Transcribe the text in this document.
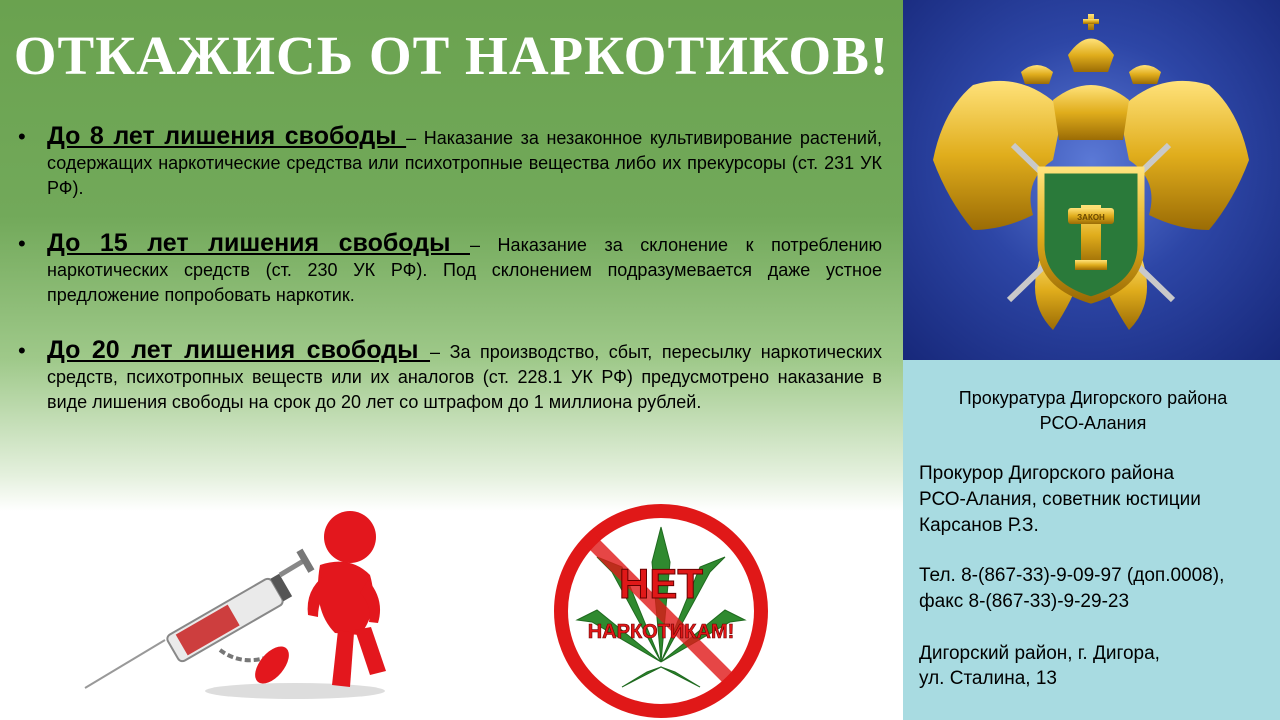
ОТКАЖИСЬ ОТ НАРКОТИКОВ!
• До 8 лет лишения свободы – Наказание за незаконное культивирование растений, содержащих наркотические средства или психотропные вещества либо их прекурсоры (ст. 231 УК РФ).
• До 15 лет лишения свободы – Наказание за склонение к потреблению наркотических средств (ст. 230 УК РФ). Под склонением подразумевается даже устное предложение попробовать наркотик.
• До 20 лет лишения свободы – За производство, сбыт, пересылку наркотических средств, психотропных веществ или их аналогов (ст. 228.1 УК РФ) предусмотрено наказание в виде лишения свободы на срок до 20 лет со штрафом до 1 миллиона рублей.
НЕТ
НАРКОТИКАМ!
ЗАКОН
Прокуратура Дигорского района
РСО-Алания
Прокурор Дигорского района
РСО-Алания, советник юстиции
Карсанов Р.З.
Тел. 8-(867-33)-9-09-97 (доп.0008),
факс 8-(867-33)-9-29-23
Дигорский район, г. Дигора,
ул. Сталина, 13
